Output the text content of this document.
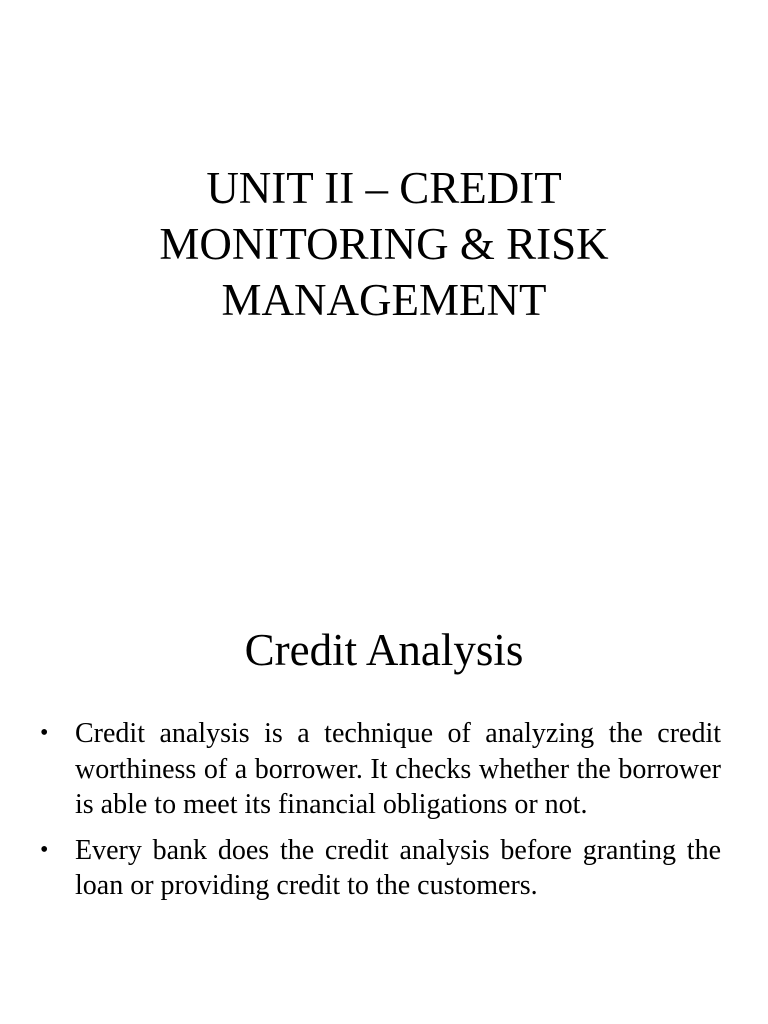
UNIT II – CREDIT
MONITORING & RISK
MANAGEMENT
Credit Analysis
• Credit analysis is a technique of analyzing the credit worthiness of a borrower. It checks whether the borrower is able to meet its financial obligations or not.
• Every bank does the credit analysis before granting the loan or providing credit to the customers.
